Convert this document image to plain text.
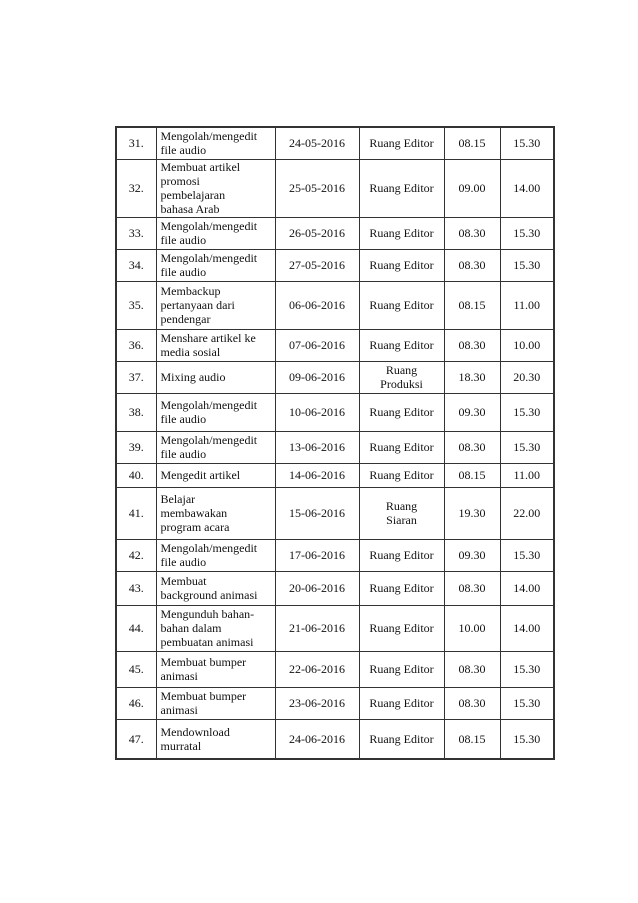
31.	Mengolah/mengedit
file audio	24-05-2016	Ruang Editor	08.15	15.30
32.	Membuat artikel
promosi
pembelajaran
bahasa Arab	25-05-2016	Ruang Editor	09.00	14.00
33.	Mengolah/mengedit
file audio	26-05-2016	Ruang Editor	08.30	15.30
34.	Mengolah/mengedit
file audio	27-05-2016	Ruang Editor	08.30	15.30
35.	Membackup
pertanyaan dari
pendengar	06-06-2016	Ruang Editor	08.15	11.00
36.	Menshare artikel ke
media sosial	07-06-2016	Ruang Editor	08.30	10.00
37.	Mixing audio	09-06-2016	Ruang
Produksi	18.30	20.30
38.	Mengolah/mengedit
file audio	10-06-2016	Ruang Editor	09.30	15.30
39.	Mengolah/mengedit
file audio	13-06-2016	Ruang Editor	08.30	15.30
40.	Mengedit artikel	14-06-2016	Ruang Editor	08.15	11.00
41.	Belajar
membawakan
program acara	15-06-2016	Ruang
Siaran	19.30	22.00
42.	Mengolah/mengedit
file audio	17-06-2016	Ruang Editor	09.30	15.30
43.	Membuat
background animasi	20-06-2016	Ruang Editor	08.30	14.00
44.	Mengunduh bahan-
bahan dalam
pembuatan animasi	21-06-2016	Ruang Editor	10.00	14.00
45.	Membuat bumper
animasi	22-06-2016	Ruang Editor	08.30	15.30
46.	Membuat bumper
animasi	23-06-2016	Ruang Editor	08.30	15.30
47.	Mendownload
murratal	24-06-2016	Ruang Editor	08.15	15.30
